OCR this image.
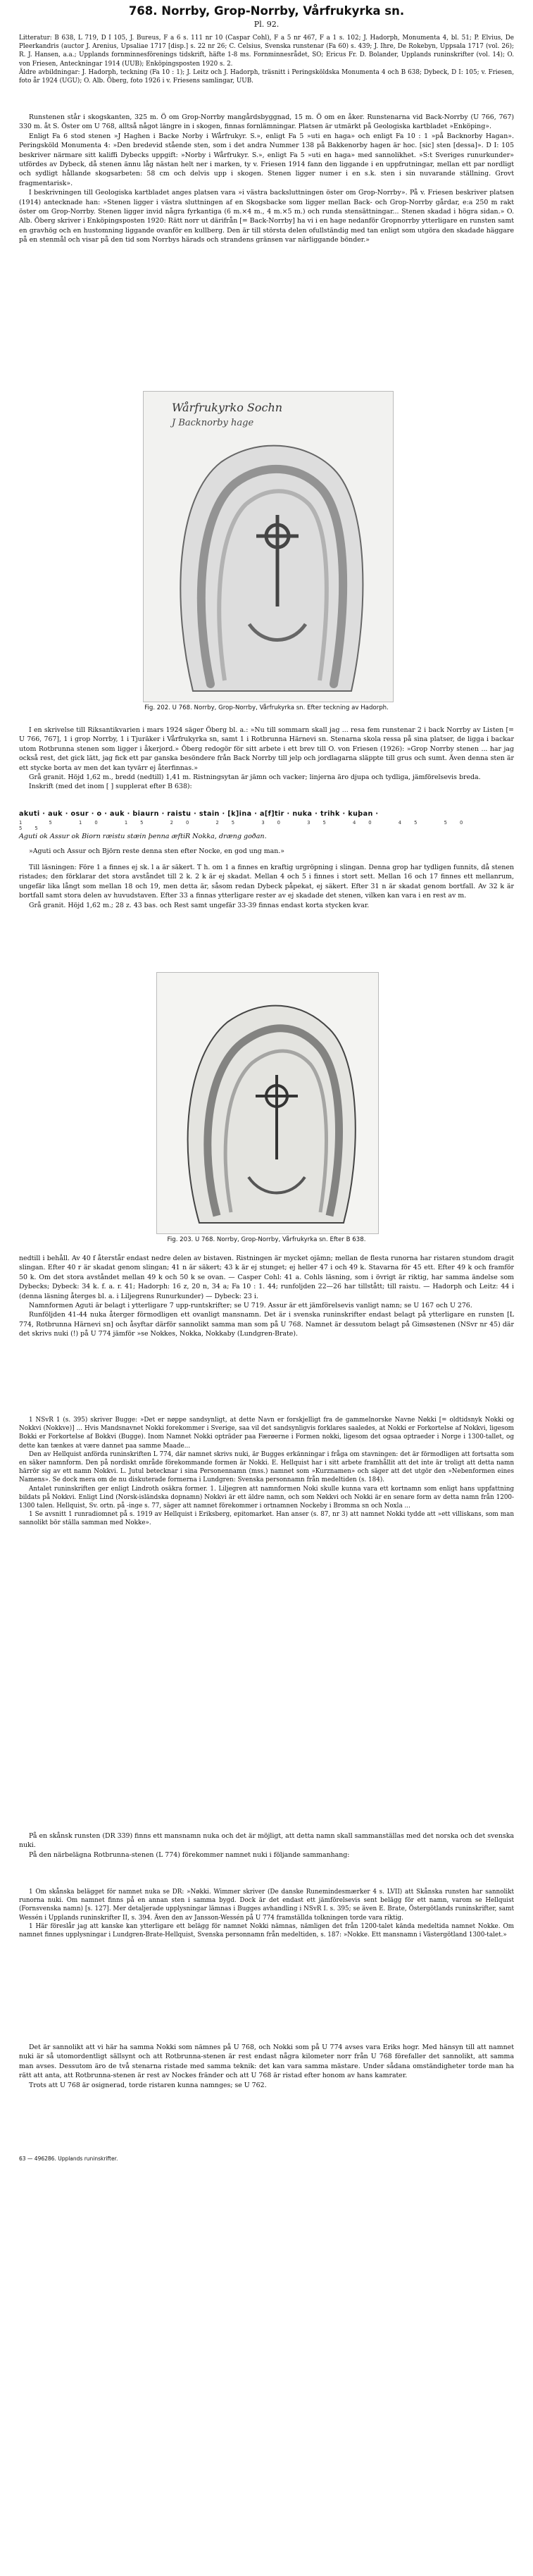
768. Norrby, Grop-Norrby, Vårfrukyrka sn.
Pl. 92.

Litteratur: B 638, L 719, D I 105, J. Bureus, F a 6 s. 111 nr 10 (Caspar Cohl), F a 5 nr 467, F a 1 s. 102; J. Hadorph, Monumenta 4, bl. 51; P. Elvius, De Pleerkandris (auctor J. Arenius, Upsaliae 1717 [disp.] s. 22 nr 26; C. Celsius, Svenska runstenar (Fa 60) s. 439; J. Ihre, De Rokebyn, Uppsala 1717 (vol. 26); R. J. Hansen, a.a.; Upplands fornminnesförenings tidskrift, häfte 1-8 ms. Fornminnesrådet, SO; Ericus Fr. D. Bolander, Upplands runinskrifter (vol. 14); O. von Friesen, Anteckningar 1914 (UUB); Enköpingsposten 1920 s. 2.

Äldre avbildningar: J. Hadorph, teckning (Fa 10 : 1); J. Leitz och J. Hadorph, träsnitt i Peringsköldska Monumenta 4 och B 638; Dybeck, D I: 105; v. Friesen, foto år 1924 (UGU); O. Alb. Öberg, foto 1926 i v. Friesens samlingar, UUB.

Runstenen står i skogskanten, 325 m. Ö om Grop-Norrby mangårdsbyggnad, 15 m. Ö om en åker. Runstenarna vid Back-Norrby (U 766, 767) 330 m. åt S. Öster om U 768, alltså något längre in i skogen, finnas fornlämningar. Platsen är utmärkt på Geologiska kartbladet »Enköping».

Enligt Fa 6 stod stenen »J Haghen i Backe Norby i Wårfrukyr. S.», enligt Fa 5 »uti en haga» och enligt Fa 10 : 1 »på Backnorby Hagan». Peringsköld Monumenta 4: »Den bredevid stående sten, som i det andra Nummer 138 på Bakkenorby hagen är hoc. [sic] sten [dessa]». D I: 105 beskriver närmare sitt kaliffi Dybecks uppgift: »Norby i Wårfrukyr. S.», enligt Fa 5 »uti en haga» med sannolikhet. »S:t Sveriges runurkunder» utfördes av Dybeck, då stenen ännu låg nästan helt ner i marken, ty v. Friesen 1914 fann den liggande i en uppfrutningar, mellan ett par nordligt och sydligt hållande skogsarbeten: 58 cm och delvis upp i skogen. Stenen ligger numer i en s.k. sten i sin nuvarande ställning. Grovt fragmentarisk».

I beskrivningen till Geologiska kartbladet anges platsen vara »i västra backsluttningen öster om Grop-Norrby». På v. Friesen beskriver platsen (1914) antecknade han: »Stenen ligger i västra sluttningen af en Skogsbacke som ligger mellan Back- och Grop-Norrby gårdar, e:a 250 m rakt öster om Grop-Norrby. Stenen ligger invid några fyrkantiga (6 m.×4 m., 4 m.×5 m.) och runda stensättningar... Stenen skadad i högra sidan.» O. Alb. Öberg skriver i Enköpingsposten 1920: Rätt norr ut därifrån [= Back-Norrby] ha vi i en hage nedanför Gropnorrby ytterligare en runsten samt en gravhög och en hustomning liggande ovanför en kullberg. Den är till största delen ofullständig med tan enligt som utgöra den skadade häggare på en stenmål och visar på den tid som Norrbys härads och strandens gränsen var närliggande bönder.»

Wårfrukyrko Sochn
J Backnorby hage
Fig. 202. U 768. Norrby, Grop-Norrby, Vårfrukyrka sn. Efter teckning av Hadorph.

I en skrivelse till Riksantikvarien i mars 1924 säger Öberg bl. a.: »Nu till sommarn skall jag ... resa fem runstenar 2 i back Norrby av Listen [= U 766, 767], 1 i grop Norrby, 1 i Tjuräker i Vårfrukyrka sn, samt 1 i Rotbrunna Härnevi sn. Stenarna skola ressa på sina platser, de ligga i backar utom Rotbrunna stenen som ligger i åkerjord.» Öberg redogör för sitt arbete i ett brev till O. von Friesen (1926): »Grop Norrby stenen ... har jag också rest, det gick lätt, jag fick ett par ganska besöndere från Back Norrby till jelp och jordlagarna släppte till grus och sumt. Även denna sten är ett stycke borta av men det kan tyvärr ej återfinnas.»

Grå granit. Höjd 1,62 m., bredd (nedtill) 1,41 m. Ristningsytan är jämn och vacker; linjerna äro djupa och tydliga, jämförelsevis breda.

Inskrift (med det inom [ ] supplerat efter B 638):

akuti · auk · osur · o · auk · biaurn · raistu · stain · [k]ina · a[f]tir · nuka · trihk · kuþan ·
1	5	10	15	20	25	30	35	40	45	50 55
Aguti ok Assur ok Biorn ræistu stæin þenna æftiR Nokka, dræng goðan.

»Aguti och Assur och Björn reste denna sten efter Nocke, en god ung man.»

Till läsningen: Före 1 a finnes ej sk. l a är säkert. T h. om 1 a finnes en kraftig urgröpning i slingan. Denna grop har tydligen funnits, då stenen ristades; den förklarar det stora avståndet till 2 k. 2 k är ej skadat. Mellan 4 och 5 i finnes i stort sett. Mellan 16 och 17 finnes ett mellanrum, ungefär lika långt som mellan 18 och 19, men detta är, såsom redan Dybeck påpekat, ej säkert. Efter 31 n är skadat genom bortfall. Av 32 k är bortfall samt stora delen av huvudstaven. Efter 33 a finnas ytterligare rester av ej skadade det stenen, vilken kan vara i en rest av m.

Grå granit. Höjd 1,62 m.; 28 z. 43 bas. och Rest samt ungefär 33-39 finnas endast korta stycken kvar.

Fig. 203. U 768. Norrby, Grop-Norrby, Vårfrukyrka sn. Efter B 638.

nedtill i behåll. Av 40 f återstår endast nedre delen av bistaven. Ristningen är mycket ojämn; mellan de flesta runorna har ristaren stundom dragit slingan. Efter 40 r är skadat genom slingan; 41 n är säkert; 43 k är ej stunget; ej heller 47 i och 49 k. Stavarna för 45 ett. Efter 49 k och framför 50 k. Om det stora avståndet mellan 49 k och 50 k se ovan. — Casper Cohl: 41 a. Cohls läsning, som i övrigt är riktig, har samma ändelse som Dybecks; Dybeck: 34 k. f. a. r. 41; Hadorph: 16 z, 20 n, 34 a; Fa 10 : 1. 44; runfoljden 22—26 har tillstått; till raistu. — Hadorph och Leitz: 44 i (denna läsning återges bl. a. i Liljegrens Runurkunder) — Dybeck: 23 i.

Namnformen Aguti är belagt i ytterligare 7 upp-runtskrifter; se U 719. Assur är ett jämförelsevis vanligt namn; se U 167 och U 276.

Runföljden 41-44 nuka återger förmodligen ett ovanligt mansnamn. Det är i svenska runinskrifter endast belagt på ytterligare en runsten [L 774, Rotbrunna Härnevi sn] och åsyftar därför sannolikt samma man som på U 768. Namnet är dessutom belagt på Gimsøstenen (NSvr nr 45) där det skrivs nuki (!) på U 774 jämför »se Nokkes, Nokka, Nokkaby (Lundgren-Brate).

1 NSvR 1 (s. 395) skriver Bugge: »Det er nøppe sandsynligt, at dette Navn er forskjelligt fra de gammelnorske Navne Nøkki [= oldtidsnyk Nokki og Nokkvi (Nokkve)] ... Hvis Mandsnavnet Nokki forekommer i Sverige, saa vil det sandsynligvis forklares saaledes, at Nokki er Forkortelse af Nokkvi, ligesom Bokki er Forkortelse af Bokkvi (Bugge). Inom Namnet Nokki opträder paa Færøerne i Formen nokki, ligesom det ogsaa optraeder i Norge i 1300-tallet, og dette kan tænkes at være dannet paa samme Maade...

Den av Hellquist anförda runinskriften L 774, där namnet skrivs nuki, är Bugges erkänningar i fråga om stavningen: det är förmodligen att fortsatta som en säker namnform. Den på nordiskt område förekommande formen är Nokki. E. Hellquist har i sitt arbete framhållit att det inte är troligt att detta namn härrör sig av ett namn Nokkvi. L. Jutul betecknar i sina Personennamn (mss.) namnet som »Kurznamen» och säger att det utgör den »Nebenformen eines Namens». Se dock mera om de nu diskuterade formerna i Lundgren: Svenska personnamn från medeltiden (s. 184).

Antalet runinskriften ger enligt Lindroth osäkra former. 1. Liljegren att namnformen Noki skulle kunna vara ett kortnamn som enligt hans uppfattning bildats på Nokkvi. Enligt Lind (Norsk-isländska dopnamn) Nokkvi är ett äldre namn, och som Nøkkvi och Nokki är en senare form av detta namn från 1200-1300 talen. Hellquist, Sv. ortn. på -inge s. 77, säger att namnet förekommer i ortnamnen Nockeby i Bromma sn och Noxla ...

1 Se avsnitt 1 runradiomnet på s. 1919 av Hellquist i Eriksberg, epitomarket. Han anser (s. 87, nr 3) att namnet Nokki tydde att »ett villiskans, som man sannolikt bör ställa samman med Nokke».

På en skånsk runsten (DR 339) finns ett mansnamn nuka och det är möjligt, att detta namn skall sammanställas med det norska och det svenska nuki.

På den närbelägna Rotbrunna-stenen (L 774) förekommer namnet nuki i följande sammanhang:

1 Om skånska belägget för namnet nuka se DR: »Nøkki. Wimmer skriver (De danske Runemindesmærker 4 s. LVII) att Skånska runsten har sannolikt runorna nuki. Om namnet finns på en annan sten i samma bygd. Dock är det endast ett jämförelsevis sent belägg för ett namn, varom se Hellquist (Fornsvenska namn) [s. 127]. Mer detaljerade upplysningar lämnas i Bugges avhandling i NSvR I. s. 395; se även E. Brate, Östergötlands runinskrifter, samt Wessén i Upplands runinskrifter II, s. 394. Även den av Jansson-Wessén på U 774 framställda tolkningen torde vara riktig.

1 Här föreslår jag att kanske kan ytterligare ett belägg för namnet Nokki nämnas, nämligen det från 1200-talet kända medeltida namnet Nokke. Om namnet finnes upplysningar i Lundgren-Brate-Hellquist, Svenska personnamn från medeltiden, s. 187: »Nokke. Ett mansnamn i Västergötland 1300-talet.»

Det är sannolikt att vi här ha samma Nokki som nämnes på U 768, och Nokki som på U 774 avses vara Eriks hogr. Med hänsyn till att namnet nuki är så utomordentligt sällsynt och att Rotbrunna-stenen är rest endast några kilometer norr från U 768 förefaller det sannolikt, att samma man avses. Dessutom äro de två stenarna ristade med samma teknik: det kan vara samma mästare. Under sådana omständigheter torde man ha rätt att anta, att Rotbrunna-stenen är rest av Nockes fränder och att U 768 är ristad efter honom av hans kamrater.

Trots att U 768 är osignerad, torde ristaren kunna namnges; se U 762.

63 — 496286. Upplands runinskrifter.
